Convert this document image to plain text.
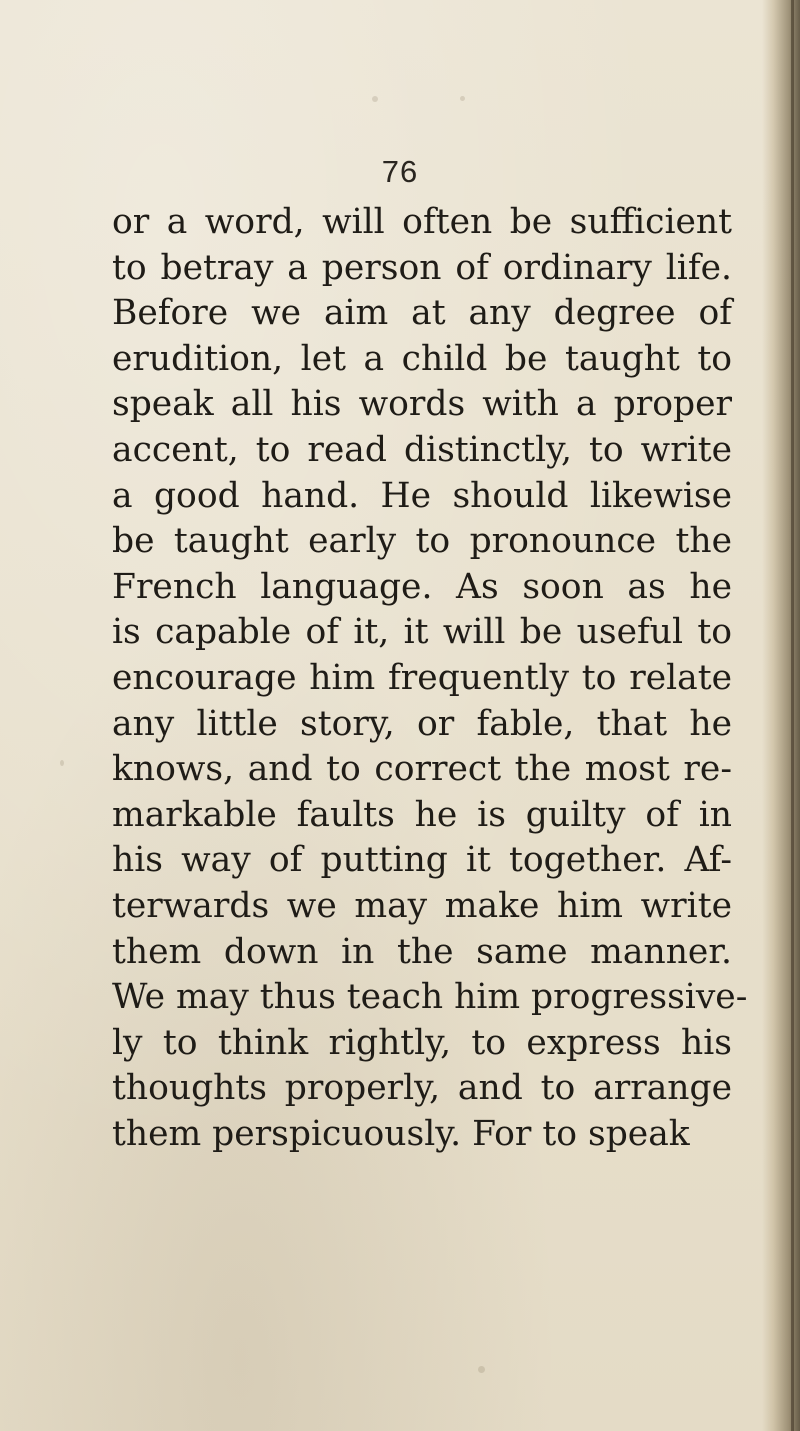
76
or a word, will often be sufficient
to betray a person of ordinary life.
Before we aim at any degree of
erudition, let a child be taught to
speak all his words with a proper
accent, to read distinctly, to write
a good hand. He should likewise
be taught early to pronounce the
French language. As soon as he
is capable of it, it will be useful to
encourage him frequently to relate
any little story, or fable, that he
knows, and to correct the most re-
markable faults he is guilty of in
his way of putting it together. Af-
terwards we may make him write
them down in the same manner.
We may thus teach him progressive-
ly to think rightly, to express his
thoughts properly, and to arrange
them perspicuously. For to speak
